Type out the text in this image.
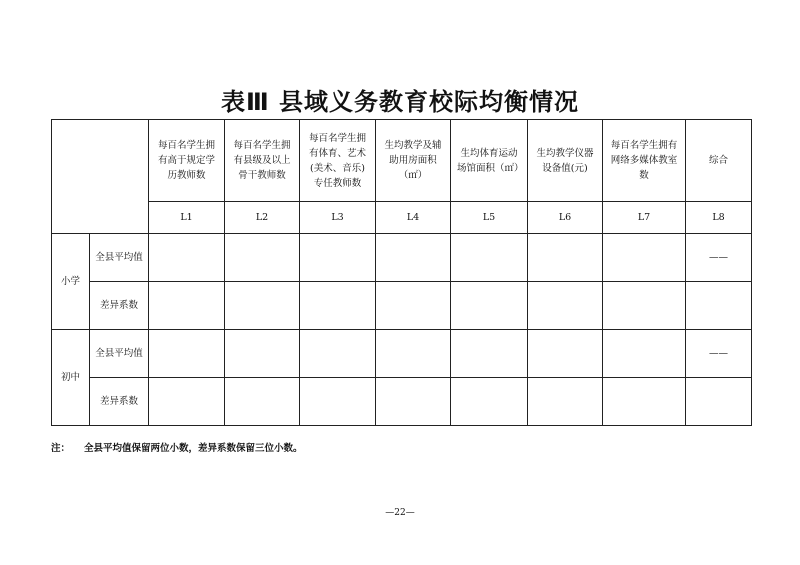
表Ⅲ 县域义务教育校际均衡情况
		每百名学生拥有高于规定学历教师数	每百名学生拥有县级及以上骨干教师数	每百名学生拥有体育、艺术(美术、音乐)专任教师数	生均教学及辅助用房面积（㎡）	生均体育运动场馆面积（㎡）	生均教学仪器设备值(元)	每百名学生拥有网络多媒体教室数	综合
		L1	L2	L3	L4	L5	L6	L7	L8
小学	全县平均值								——
	差异系数								
初中	全县平均值								——
	差异系数								
注： 全县平均值保留两位小数，差异系数保留三位小数。
—22—
